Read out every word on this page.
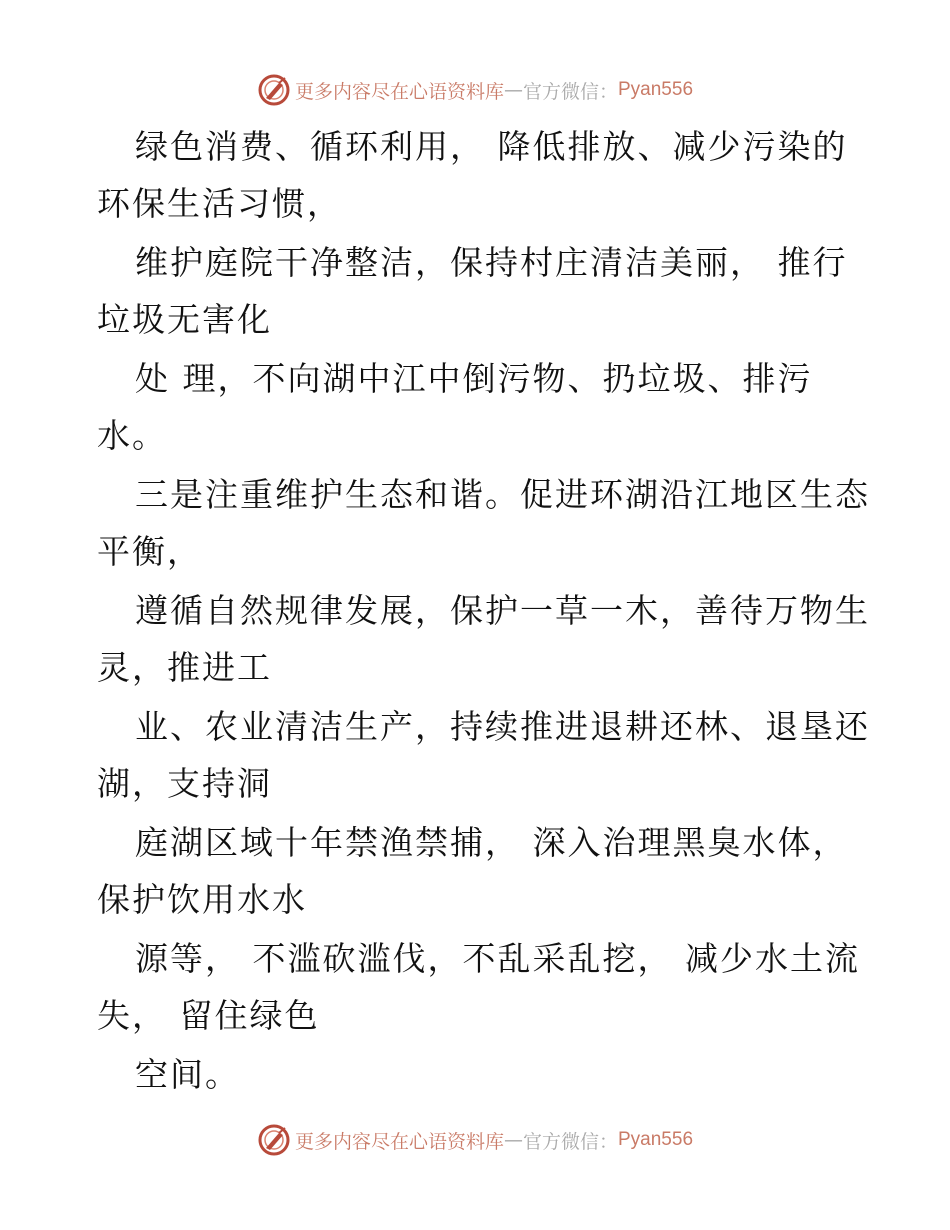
更多内容尽在心语资料库 — 官方微信： Pyan556
绿色消费、循环利用， 降低排放、减少污染的
环保生活习惯，
维护庭院干净整洁，保持村庄清洁美丽， 推行
垃圾无害化
处 理，不向湖中江中倒污物、扔垃圾、排污
水。
三是注重维护生态和谐。促进环湖沿江地区生态
平衡，
遵循自然规律发展，保护一草一木，善待万物生
灵，推进工
业、农业清洁生产，持续推进退耕还林、退垦还
湖，支持洞
庭湖区域十年禁渔禁捕， 深入治理黑臭水体，
保护饮用水水
源等， 不滥砍滥伐，不乱采乱挖， 减少水土流
失， 留住绿色
空间。
更多内容尽在心语资料库 — 官方微信： Pyan556
